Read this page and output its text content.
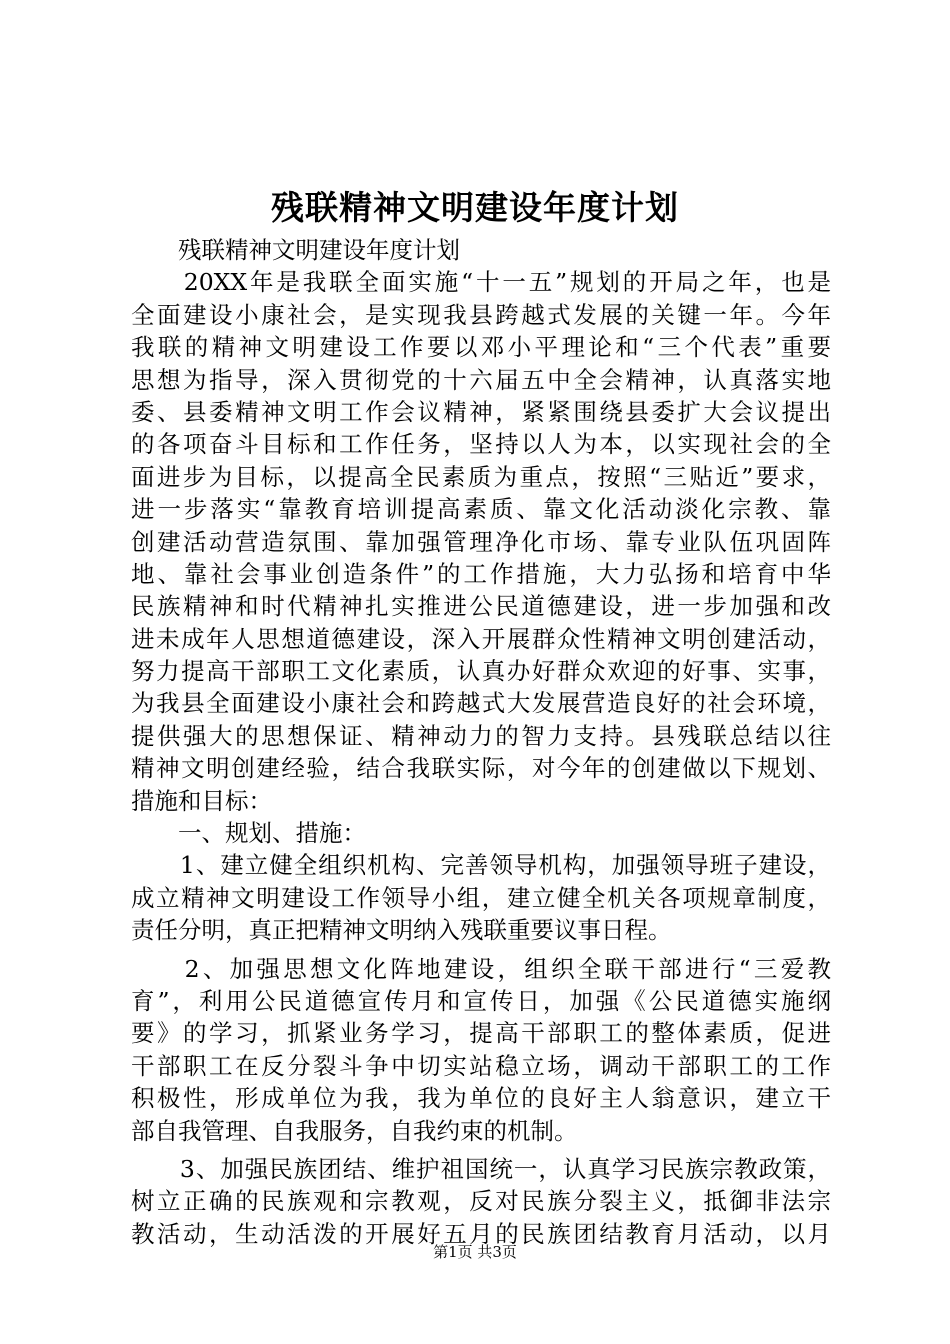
残联精神文明建设年度计划
　　残联精神文明建设年度计划
　　20XX年是我联全面实施“十一五”规划的开局之年，也是
全面建设小康社会，是实现我县跨越式发展的关键一年。今年
我联的精神文明建设工作要以邓小平理论和“三个代表”重要
思想为指导，深入贯彻党的十六届五中全会精神，认真落实地
委、县委精神文明工作会议精神，紧紧围绕县委扩大会议提出
的各项奋斗目标和工作任务，坚持以人为本，以实现社会的全
面进步为目标，以提高全民素质为重点，按照“三贴近”要求，
进一步落实“靠教育培训提高素质、靠文化活动淡化宗教、靠
创建活动营造氛围、靠加强管理净化市场、靠专业队伍巩固阵
地、靠社会事业创造条件”的工作措施，大力弘扬和培育中华
民族精神和时代精神扎实推进公民道德建设，进一步加强和改
进未成年人思想道德建设，深入开展群众性精神文明创建活动，
努力提高干部职工文化素质，认真办好群众欢迎的好事、实事，
为我县全面建设小康社会和跨越式大发展营造良好的社会环境，
提供强大的思想保证、精神动力的智力支持。县残联总结以往
精神文明创建经验，结合我联实际，对今年的创建做以下规划、
措施和目标：
　　一、规划、措施：
　　1、建立健全组织机构、完善领导机构，加强领导班子建设，
成立精神文明建设工作领导小组，建立健全机关各项规章制度，
责任分明，真正把精神文明纳入残联重要议事日程。
　　2、加强思想文化阵地建设，组织全联干部进行“三爱教
育”，利用公民道德宣传月和宣传日，加强《公民道德实施纲
要》的学习，抓紧业务学习，提高干部职工的整体素质，促进
干部职工在反分裂斗争中切实站稳立场，调动干部职工的工作
积极性，形成单位为我，我为单位的良好主人翁意识，建立干
部自我管理、自我服务，自我约束的机制。
　　3、加强民族团结、维护祖国统一，认真学习民族宗教政策，
树立正确的民族观和宗教观，反对民族分裂主义，抵御非法宗
教活动，生动活泼的开展好五月的民族团结教育月活动，以月
第1页 共3页
